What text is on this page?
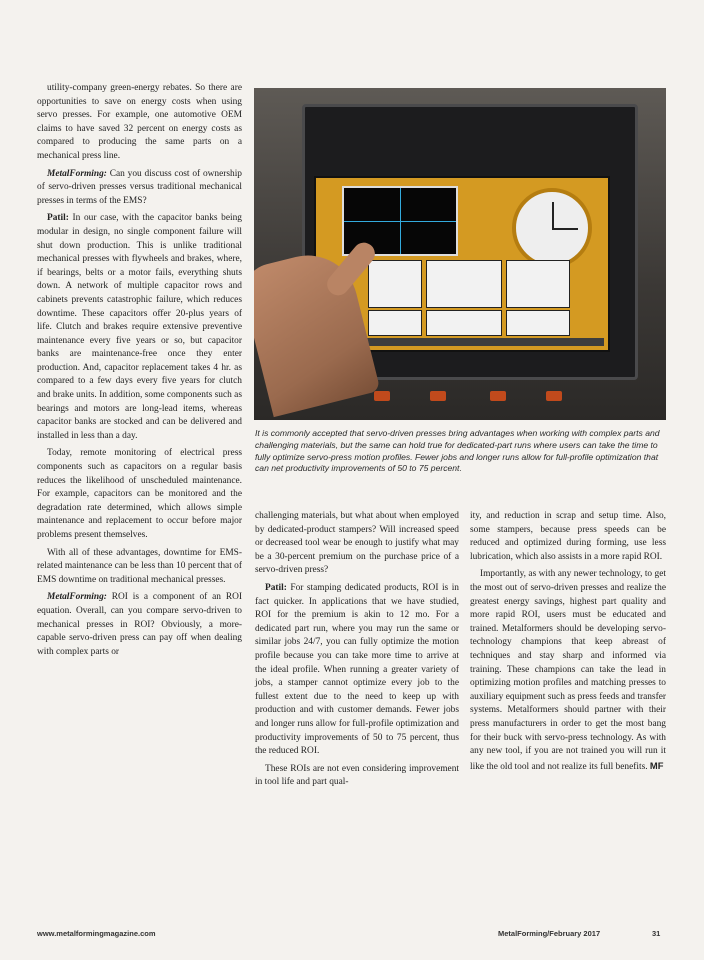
utility-company green-energy rebates. So there are opportunities to save on energy costs when using servo presses. For example, one automotive OEM claims to have saved 32 percent on energy costs as compared to producing the same parts on a mechanical press line.

MetalForming: Can you discuss cost of ownership of servo-driven presses versus traditional mechanical presses in terms of the EMS?

Patil: In our case, with the capacitor banks being modular in design, no single component failure will shut down production. This is unlike traditional mechanical presses with flywheels and brakes, where, if bearings, belts or a motor fails, everything shuts down. A network of multiple capacitor rows and cabinets prevents catastrophic failure, which reduces downtime. These capacitors offer 20-plus years of life. Clutch and brakes require extensive preventive maintenance every five years or so, but capacitor banks are maintenance-free once they enter production. And, capacitor replacement takes 4 hr. as compared to a few days every five years for clutch and brake units. In addition, some components such as bearings and motors are long-lead items, whereas capacitor banks are stocked and can be delivered and installed in less than a day.

Today, remote monitoring of electrical press components such as capacitors on a regular basis reduces the likelihood of unscheduled maintenance. For example, capacitors can be monitored and the degradation rate determined, which allows simple maintenance and replacement to occur before major problems present themselves.

With all of these advantages, downtime for EMS-related maintenance can be less than 10 percent that of EMS downtime on traditional mechanical presses.

MetalForming: ROI is a component of an ROI equation. Overall, can you compare servo-driven to mechanical presses in ROI? Obviously, a more-capable servo-driven press can pay off when dealing with complex parts or

It is commonly accepted that servo-driven presses bring advantages when working with complex parts and challenging materials, but the same can hold true for dedicated-part runs where users can take the time to fully optimize servo-press motion profiles. Fewer jobs and longer runs allow for full-profile optimization that can net productivity improvements of 50 to 75 percent.

challenging materials, but what about when employed by dedicated-product stampers? Will increased speed or decreased tool wear be enough to justify what may be a 30-percent premium on the purchase price of a servo-driven press?

Patil: For stamping dedicated products, ROI is in fact quicker. In applications that we have studied, ROI for the premium is akin to 12 mo. For a dedicated part run, where you may run the same or similar jobs 24/7, you can fully optimize the motion profile because you can take more time to arrive at the ideal profile. When running a greater variety of jobs, a stamper cannot optimize every job to the fullest extent due to the need to keep up with production and with customer demands. Fewer jobs and longer runs allow for full-profile optimization and productivity improvements of 50 to 75 percent, thus the reduced ROI.

These ROIs are not even considering improvement in tool life and part qual-

ity, and reduction in scrap and setup time. Also, some stampers, because press speeds can be reduced and optimized during forming, use less lubrication, which also assists in a more rapid ROI.

Importantly, as with any newer technology, to get the most out of servo-driven presses and realize the greatest energy savings, highest part quality and more rapid ROI, users must be educated and trained. Metalformers should be developing servo-technology champions that keep abreast of techniques and stay sharp and informed via training. These champions can take the lead in optimizing motion profiles and matching presses to auxiliary equipment such as press feeds and transfer systems. Metalformers should partner with their press manufacturers in order to get the most bang for their buck with servo-press technology. As with any new tool, if you are not trained you will run it like the old tool and not realize its full benefits. MF

www.metalformingmagazine.com	MetalForming/February 2017	31
